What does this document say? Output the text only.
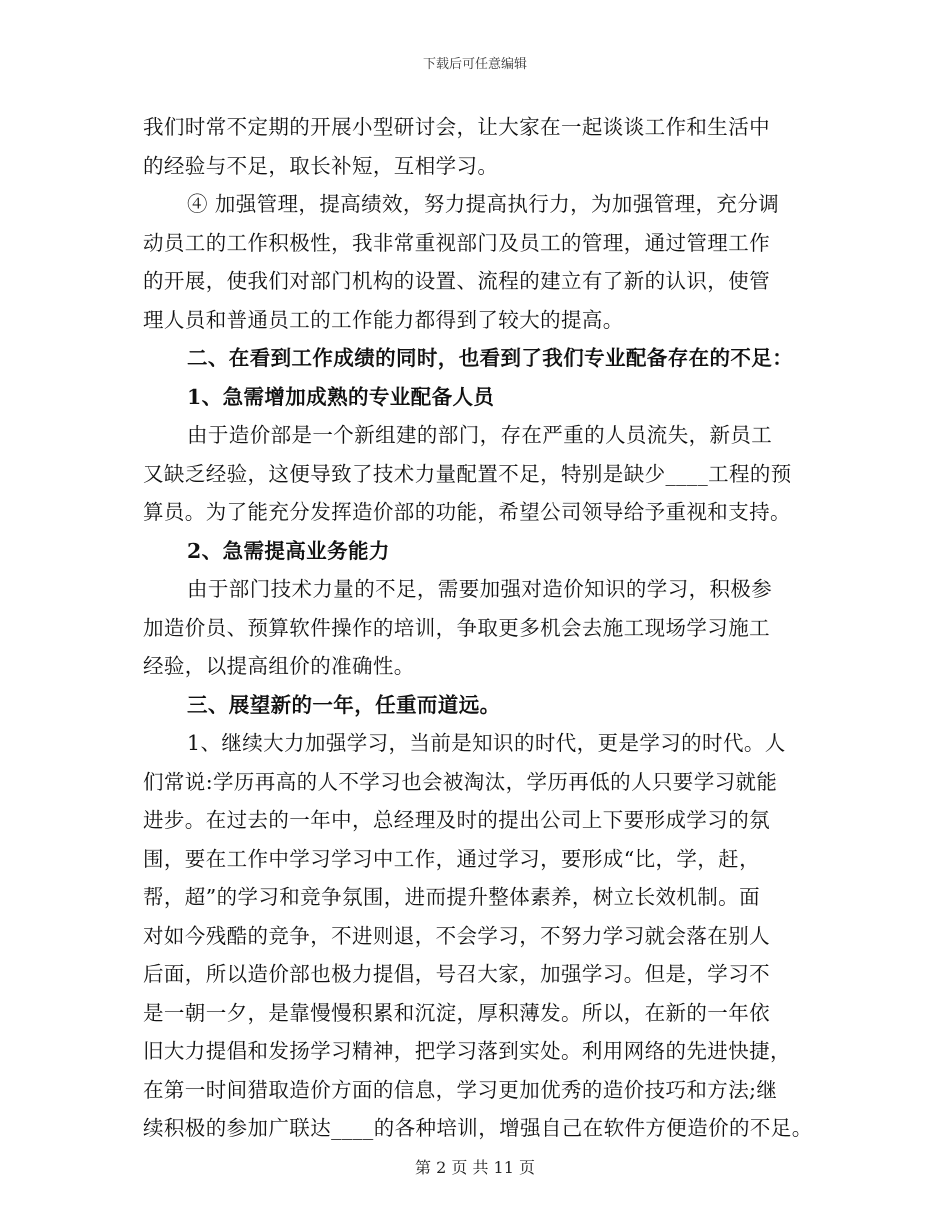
下载后可任意编辑
我们时常不定期的开展小型研讨会，让大家在一起谈谈工作和生活中
的经验与不足，取长补短，互相学习。
④ 加强管理，提高绩效，努力提高执行力，为加强管理，充分调
动员工的工作积极性，我非常重视部门及员工的管理，通过管理工作
的开展，使我们对部门机构的设置、流程的建立有了新的认识，使管
理人员和普通员工的工作能力都得到了较大的提高。
二、在看到工作成绩的同时，也看到了我们专业配备存在的不足：
1、急需增加成熟的专业配备人员
由于造价部是一个新组建的部门，存在严重的人员流失，新员工
又缺乏经验，这便导致了技术力量配置不足，特别是缺少____工程的预
算员。为了能充分发挥造价部的功能，希望公司领导给予重视和支持。
2、急需提高业务能力
由于部门技术力量的不足，需要加强对造价知识的学习，积极参
加造价员、预算软件操作的培训，争取更多机会去施工现场学习施工
经验，以提高组价的准确性。
三、展望新的一年，任重而道远。
1、继续大力加强学习，当前是知识的时代，更是学习的时代。人
们常说:学历再高的人不学习也会被淘汰，学历再低的人只要学习就能
进步。在过去的一年中，总经理及时的提出公司上下要形成学习的氛
围，要在工作中学习学习中工作，通过学习，要形成“比，学，赶，
帮，超”的学习和竞争氛围，进而提升整体素养，树立长效机制。面
对如今残酷的竞争，不进则退，不会学习，不努力学习就会落在别人
后面，所以造价部也极力提倡，号召大家，加强学习。但是，学习不
是一朝一夕，是靠慢慢积累和沉淀，厚积薄发。所以，在新的一年依
旧大力提倡和发扬学习精神，把学习落到实处。利用网络的先进快捷，
在第一时间猎取造价方面的信息，学习更加优秀的造价技巧和方法;继
续积极的参加广联达____的各种培训，增强自己在软件方便造价的不足。
第 2 页 共 11 页
